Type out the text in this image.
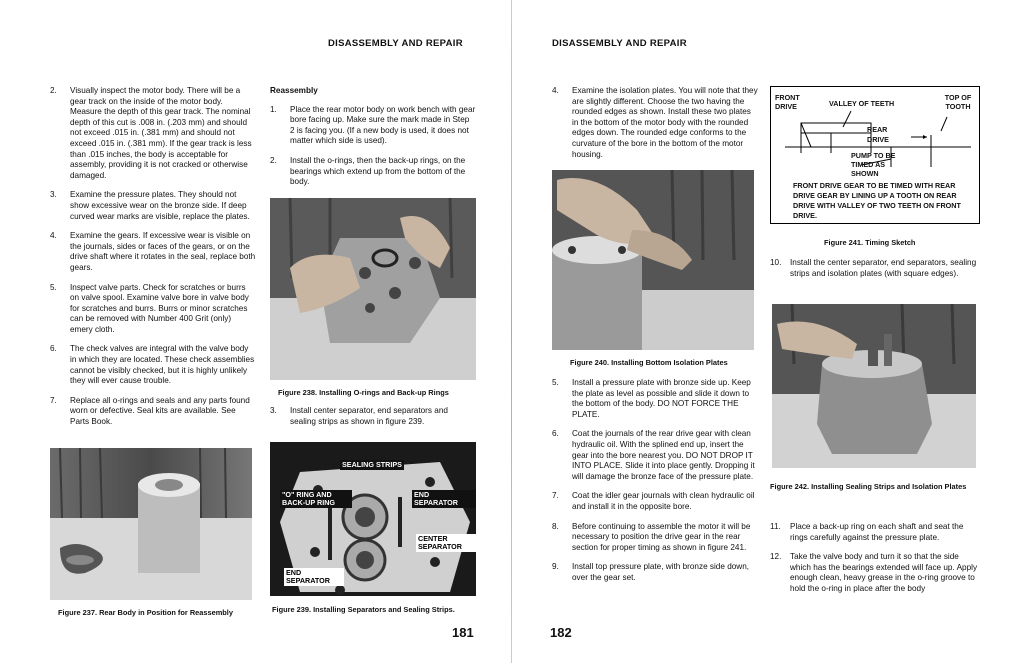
DISASSEMBLY AND REPAIR
2. Visually inspect the motor body. There will be a gear track on the inside of the motor body. Measure the depth of this gear track. The nominal depth of this cut is .008 in. (.203 mm) and should not exceed .015 in. (.381 mm) and should not exceed .015 in. (.381 mm). If the gear track is less than .015 inches, the body is acceptable for assembly, providing it is not cracked or otherwise damaged.
3. Examine the pressure plates. They should not show excessive wear on the bronze side. If deep curved wear marks are visible, replace the plates.
4. Examine the gears. If excessive wear is visible on the journals, sides or faces of the gears, or on the drive shaft where it rotates in the seal, replace both gears.
5. Inspect valve parts. Check for scratches or burrs on valve spool. Examine valve bore in valve body for scratches and burrs. Burrs or minor scratches can be removed with Number 400 Grit (only) emery cloth.
6. The check valves are integral with the valve body in which they are located. These check assemblies cannot be visibly checked, but it is highly unlikely they will ever cause trouble.
7. Replace all o-rings and seals and any parts found worn or defective. Seal kits are available. See Parts Book.
Figure 237. Rear Body in Position for Reassembly
Reassembly
1. Place the rear motor body on work bench with gear bore facing up. Make sure the mark made in Step 2 is facing you. (If a new body is used, it does not matter which side is used).
2. Install the o-rings, then the back-up rings, on the bearings which extend up from the bottom of the body.
Figure 238. Installing O-rings and Back-up Rings
3. Install center separator, end separators and sealing strips as shown in figure 239.
SEALING STRIPS
"O" RING AND BACK-UP RING
END SEPARATOR
CENTER SEPARATOR
END SEPARATOR
Figure 239. Installing Separators and Sealing Strips.
181
DISASSEMBLY AND REPAIR
4. Examine the isolation plates. You will note that they are slightly different. Choose the two having the rounded edges as shown. Install these two plates in the bottom of the motor body with the rounded edges down. The rounded edge conforms to the curvature of the bore in the bottom of the motor housing.
Figure 240. Installing Bottom Isolation Plates
5. Install a pressure plate with bronze side up. Keep the plate as level as possible and slide it down to the bottom of the body. DO NOT FORCE THE PLATE.
6. Coat the journals of the rear drive gear with clean hydraulic oil. With the splined end up, insert the gear into the bore nearest you. DO NOT DROP IT INTO PLACE. Slide it into place gently. Dropping it will damage the bronze face of the pressure plate.
7. Coat the idler gear journals with clean hydraulic oil and install it in the opposite bore.
8. Before continuing to assemble the motor it will be necessary to position the drive gear in the rear section for proper timing as shown in figure 241.
9. Install top pressure plate, with bronze side down, over the gear set.
FRONT DRIVE	VALLEY OF TEETH
TOP OF TOOTH
REAR DRIVE
PUMP TO BE TIMED AS SHOWN
FRONT DRIVE GEAR TO BE TIMED WITH REAR DRIVE GEAR BY LINING UP A TOOTH ON REAR DRIVE WITH VALLEY OF TWO TEETH ON FRONT DRIVE.
Figure 241. Timing Sketch
10. Install the center separator, end separators, sealing strips and isolation plates (with square edges).
Figure 242. Installing Sealing Strips and Isolation Plates
11. Place a back-up ring on each shaft and seat the rings carefully against the pressure plate.
12. Take the valve body and turn it so that the side which has the bearings extended will face up. Apply enough clean, heavy grease in the o-ring groove to hold the o-ring in place after the body
182
